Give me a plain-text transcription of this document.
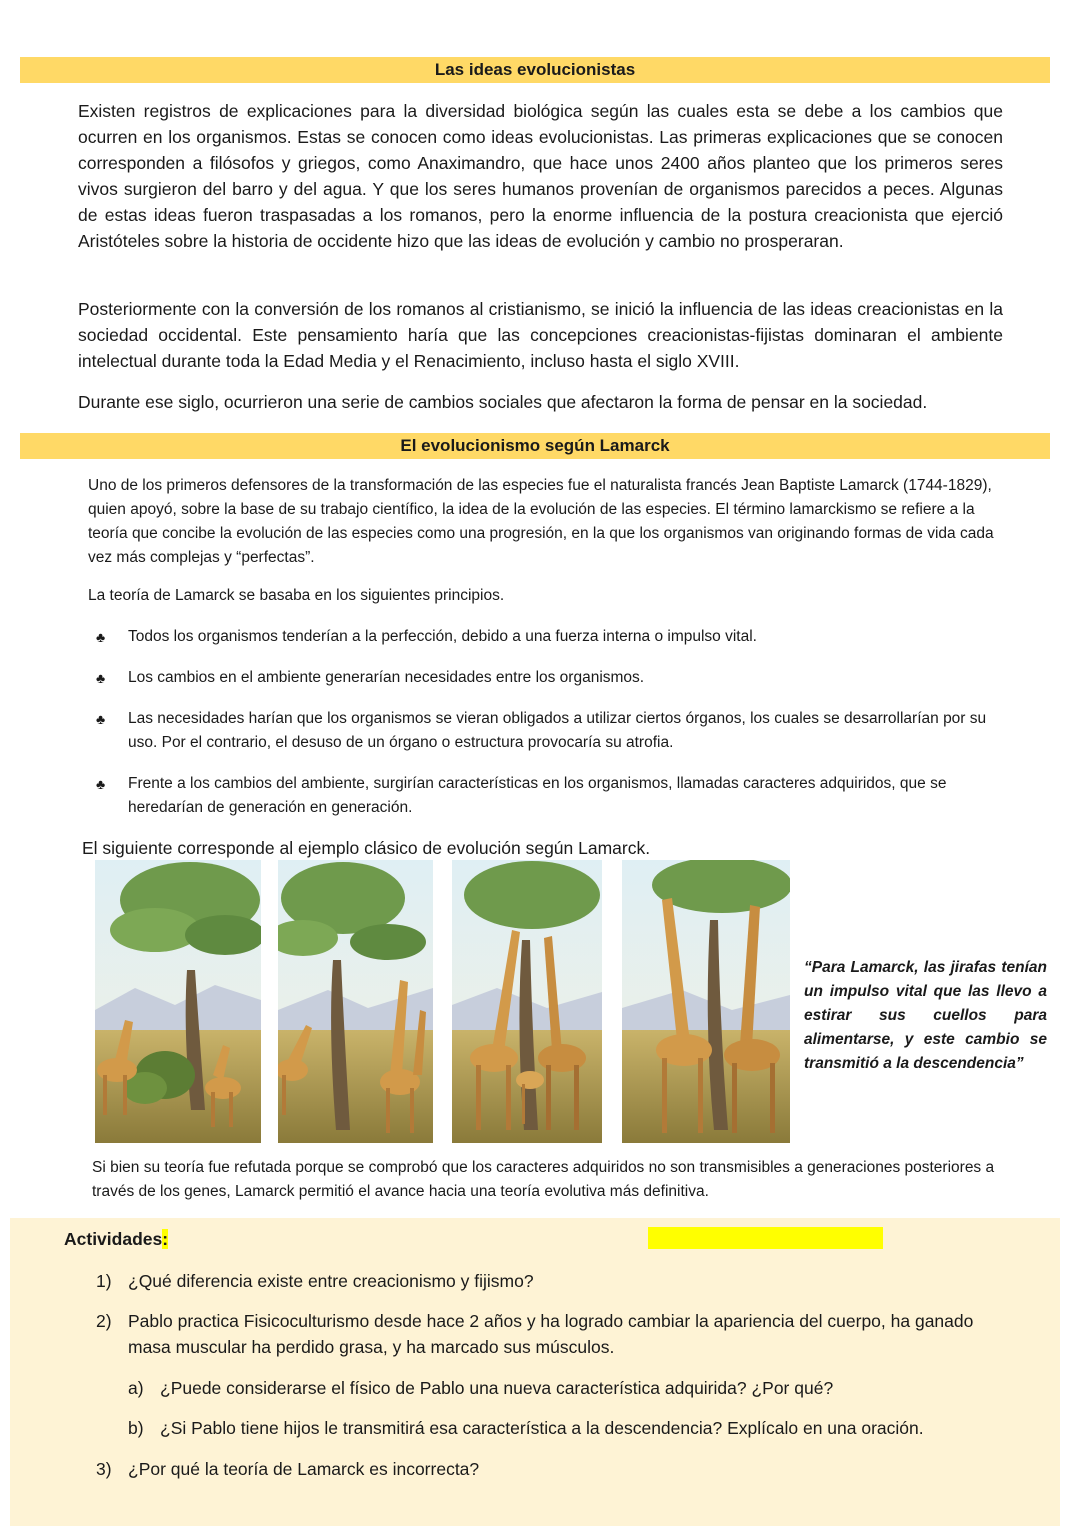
Las ideas evolucionistas

Existen registros de explicaciones para la diversidad biológica según las cuales esta se debe a los cambios que ocurren en los organismos. Estas se conocen como ideas evolucionistas. Las primeras explicaciones que se conocen corresponden a filósofos y griegos, como Anaximandro, que hace unos 2400 años planteo que los primeros seres vivos surgieron del barro y del agua. Y que los seres humanos provenían de organismos parecidos a peces. Algunas de estas ideas fueron traspasadas a los romanos, pero la enorme influencia de la postura creacionista que ejerció Aristóteles sobre la historia de occidente hizo que las ideas de evolución y cambio no prosperaran.

Posteriormente con la conversión de los romanos al cristianismo, se inició la influencia de las ideas creacionistas en la sociedad occidental. Este pensamiento haría que las concepciones creacionistas-fijistas dominaran el ambiente intelectual durante toda la Edad Media y el Renacimiento, incluso hasta el siglo XVIII.

Durante ese siglo, ocurrieron una serie de cambios sociales que afectaron la forma de pensar en la sociedad.

El evolucionismo según Lamarck

Uno de los primeros defensores de la transformación de las especies fue el naturalista francés Jean Baptiste Lamarck (1744-1829), quien apoyó, sobre la base de su trabajo científico, la idea de la evolución de las especies. El término lamarckismo se refiere a la teoría que concibe la evolución de las especies como una progresión, en la que los organismos van originando formas de vida cada vez más complejas y “perfectas”.

La teoría de Lamarck se basaba en los siguientes principios.

♣	Todos los organismos tenderían a la perfección, debido a una fuerza interna o impulso vital.
♣	Los cambios en el ambiente generarían necesidades entre los organismos.
♣	Las necesidades harían que los organismos se vieran obligados a utilizar ciertos órganos, los cuales se desarrollarían por su uso. Por el contrario, el desuso de un órgano o estructura provocaría su atrofia.
♣	Frente a los cambios del ambiente, surgirían características en los organismos, llamadas caracteres adquiridos, que se heredarían de generación en generación.

El siguiente corresponde al ejemplo clásico de evolución según Lamarck.

“Para Lamarck, las jirafas tenían un impulso vital que las llevo a estirar sus cuellos para alimentarse, y este cambio se transmitió a la descendencia”

Si bien su teoría fue refutada porque se comprobó que los caracteres adquiridos no son transmisibles a generaciones posteriores a través de los genes, Lamarck permitió el avance hacia una teoría evolutiva más definitiva.

Actividades:
1) ¿Qué diferencia existe entre creacionismo y fijismo?
2) Pablo practica Fisicoculturismo desde hace 2 años y ha logrado cambiar la apariencia del cuerpo, ha ganado masa muscular ha perdido grasa, y ha marcado sus músculos.
a) ¿Puede considerarse el físico de Pablo una nueva característica adquirida? ¿Por qué?
b) ¿Si Pablo tiene hijos le transmitirá esa característica a la descendencia? Explícalo en una oración.
3) ¿Por qué la teoría de Lamarck es incorrecta?
